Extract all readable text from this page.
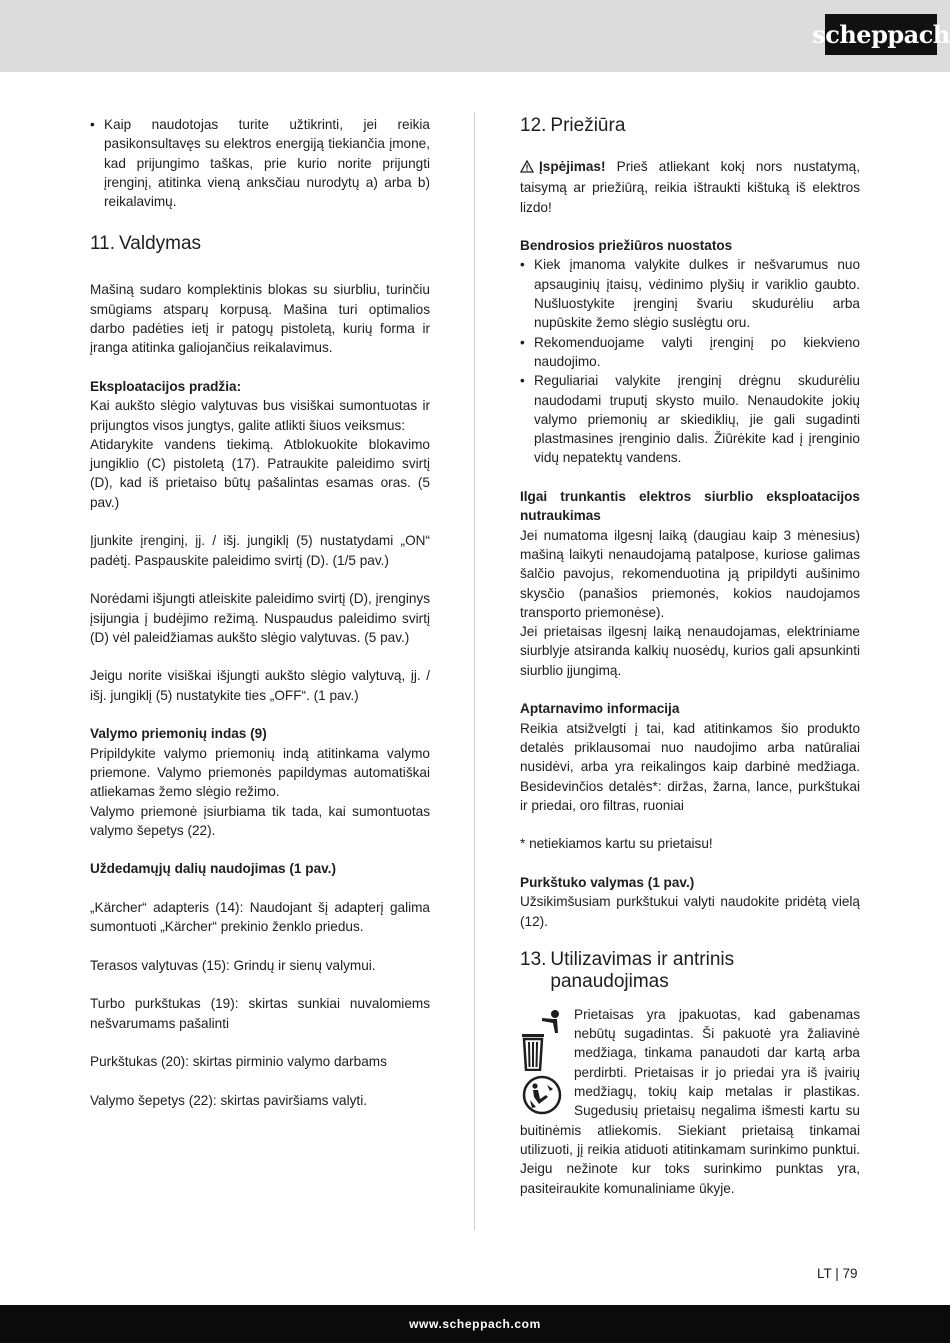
scheppach
• Kaip naudotojas turite užtikrinti, jei reikia pasikonsultavęs su elektros energiją tiekiančia įmone, kad prijungimo taškas, prie kurio norite prijungti įrenginį, atitinka vieną anksčiau nurodytų a) arba b) reikalavimų.
11. Valdymas

Mašiną sudaro komplektinis blokas su siurbliu, turinčiu smūgiams atsparų korpusą. Mašina turi optimalios darbo padėties ietį ir patogų pistoletą, kurių forma ir įranga atitinka galiojančius reikalavimus.

Eksploatacijos pradžia:

Kai aukšto slėgio valytuvas bus visiškai sumontuotas ir prijungtos visos jungtys, galite atlikti šiuos veiksmus:

Atidarykite vandens tiekimą. Atblokuokite blokavimo jungiklio (C) pistoletą (17). Patraukite paleidimo svirtį (D), kad iš prietaiso būtų pašalintas esamas oras. (5 pav.)

Įjunkite įrenginį, įj. / išj. jungiklį (5) nustatydami „ON“ padėtį. Paspauskite paleidimo svirtį (D). (1/5 pav.)

Norėdami išjungti atleiskite paleidimo svirtį (D), įrenginys įsijungia į budėjimo režimą. Nuspaudus paleidimo svirtį (D) vėl paleidžiamas aukšto slėgio valytuvas. (5 pav.)

Jeigu norite visiškai išjungti aukšto slėgio valytuvą, įj. / išj. jungiklį (5) nustatykite ties „OFF“. (1 pav.)

Valymo priemonių indas (9)

Pripildykite valymo priemonių indą atitinkama valymo priemone. Valymo priemonės papildymas automatiškai atliekamas žemo slėgio režimo.

Valymo priemonė įsiurbiama tik tada, kai sumontuotas valymo šepetys (22).

Uždedamųjų dalių naudojimas (1 pav.)

„Kärcher“ adapteris (14): Naudojant šį adapterį galima sumontuoti „Kärcher“ prekinio ženklo priedus.

Terasos valytuvas (15): Grindų ir sienų valymui.

Turbo purkštukas (19): skirtas sunkiai nuvalomiems nešvarumams pašalinti

Purkštukas (20): skirtas pirminio valymo darbams

Valymo šepetys (22): skirtas paviršiams valyti.

12. Priežiūra

Įspėjimas! Prieš atliekant kokį nors nustatymą, taisymą ar priežiūrą, reikia ištraukti kištuką iš elektros lizdo!

Bendrosios priežiūros nuostatos

• Kiek įmanoma valykite dulkes ir nešvarumus nuo apsauginių įtaisų, vėdinimo plyšių ir variklio gaubto. Nušluostykite įrenginį švariu skudurėliu arba nupūskite žemo slėgio suslėgtu oru.
• Rekomenduojame valyti įrenginį po kiekvieno naudojimo.
• Reguliariai valykite įrenginį drėgnu skudurėliu naudodami truputį skysto muilo. Nenaudokite jokių valymo priemonių ar skiediklių, jie gali sugadinti plastmasines įrenginio dalis. Žiūrėkite kad į įrenginio vidų nepatektų vandens.

Ilgai trunkantis elektros siurblio eksploatacijos nutraukimas

Jei numatoma ilgesnį laiką (daugiau kaip 3 mėnesius) mašiną laikyti nenaudojamą patalpose, kuriose galimas šalčio pavojus, rekomenduotina ją pripildyti aušinimo skysčio (panašios priemonės, kokios naudojamos transporto priemonėse).

Jei prietaisas ilgesnį laiką nenaudojamas, elektriniame siurblyje atsiranda kalkių nuosėdų, kurios gali apsunkinti siurblio įjungimą.

Aptarnavimo informacija

Reikia atsižvelgti į tai, kad atitinkamos šio produkto detalės priklausomai nuo naudojimo arba natūraliai nusidėvi, arba yra reikalingos kaip darbinė medžiaga. Besidevinčios detalės*: diržas, žarna, lance, purkštukai ir priedai, oro filtras, ruoniai

* netiekiamos kartu su prietaisu!

Purkštuko valymas (1 pav.)

Užsikimšusiam purkštukui valyti naudokite pridėtą vielą (12).

13. Utilizavimas ir antrinis
panaudojimas

Prietaisas yra įpakuotas, kad gabenamas nebūtų sugadintas. Ši pakuotė yra žaliavinė medžiaga, tinkama panaudoti dar kartą arba perdirbti. Prietaisas ir jo priedai yra iš įvairių medžiagų, tokių kaip metalas ir plastikas. Sugedusių prietaisų negalima išmesti kartu su buitinėmis atliekomis. Siekiant prietaisą tinkamai utilizuoti, jį reikia atiduoti atitinkamam surinkimo punktui. Jeigu nežinote kur toks surinkimo punktas yra, pasiteiraukite komunaliniame ūkyje.

LT | 79
www.scheppach.com
